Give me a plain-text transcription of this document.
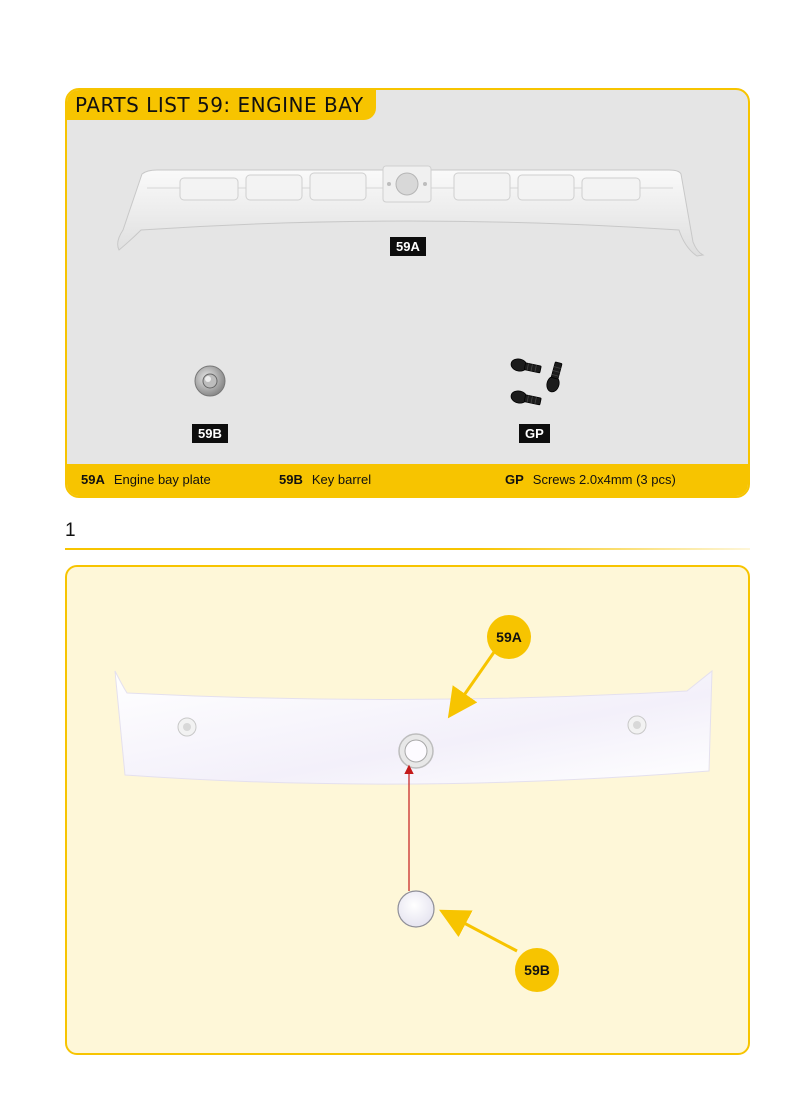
PARTS LIST 59: ENGINE BAY
59A
59B	GP
59A Engine bay plate	59B Key barrel	GP Screws 2.0x4mm (3 pcs)
1
59A
59B
